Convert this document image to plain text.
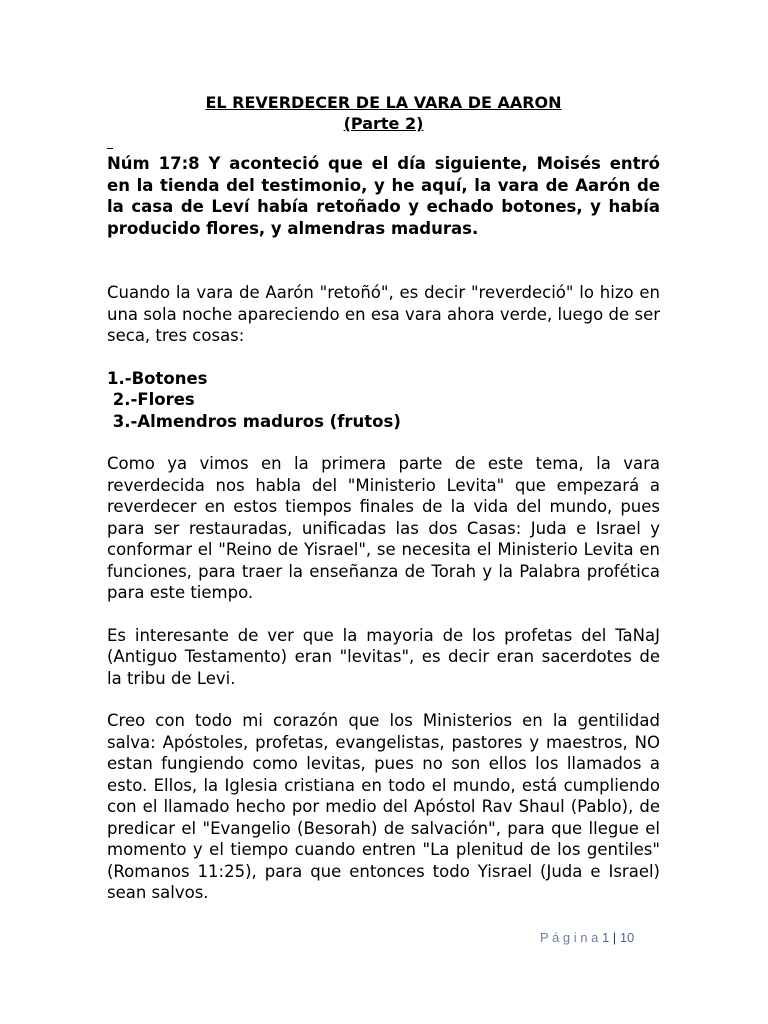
EL REVERDECER DE LA VARA DE AARON

(Parte 2)

Núm 17:8 Y aconteció que el día siguiente, Moisés entró en la tienda del testimonio, y he aquí, la vara de Aarón de la casa de Leví había retoñado y echado botones, y había producido flores, y almendras maduras.

Cuando la vara de Aarón "retoñó", es decir "reverdeció" lo hizo en una sola noche apareciendo en esa vara ahora verde, luego de ser seca, tres cosas:

1.-Botones
2.-Flores
3.-Almendros maduros (frutos)

Como ya vimos en la primera parte de este tema, la vara reverdecida nos habla del "Ministerio Levita" que empezará a reverdecer en estos tiempos finales de la vida del mundo, pues para ser restauradas, unificadas las dos Casas: Juda e Israel y conformar el "Reino de Yisrael", se necesita el Ministerio Levita en funciones, para traer la enseñanza de Torah y la Palabra profética para este tiempo.

Es interesante de ver que la mayoria de los profetas del TaNaJ (Antiguo Testamento) eran "levitas", es decir eran sacerdotes de la tribu de Levi.

Creo con todo mi corazón que los Ministerios en la gentilidad salva: Apóstoles, profetas, evangelistas, pastores y maestros, NO estan fungiendo como levitas, pues no son ellos los llamados a esto. Ellos, la Iglesia cristiana en todo el mundo, está cumpliendo con el llamado hecho por medio del Apóstol Rav Shaul (Pablo), de predicar el "Evangelio (Besorah) de salvación", para que llegue el momento y el tiempo cuando entren "La plenitud de los gentiles" (Romanos 11:25), para que entonces todo Yisrael (Juda e Israel) sean salvos.

P á g i n a 1 | 10
